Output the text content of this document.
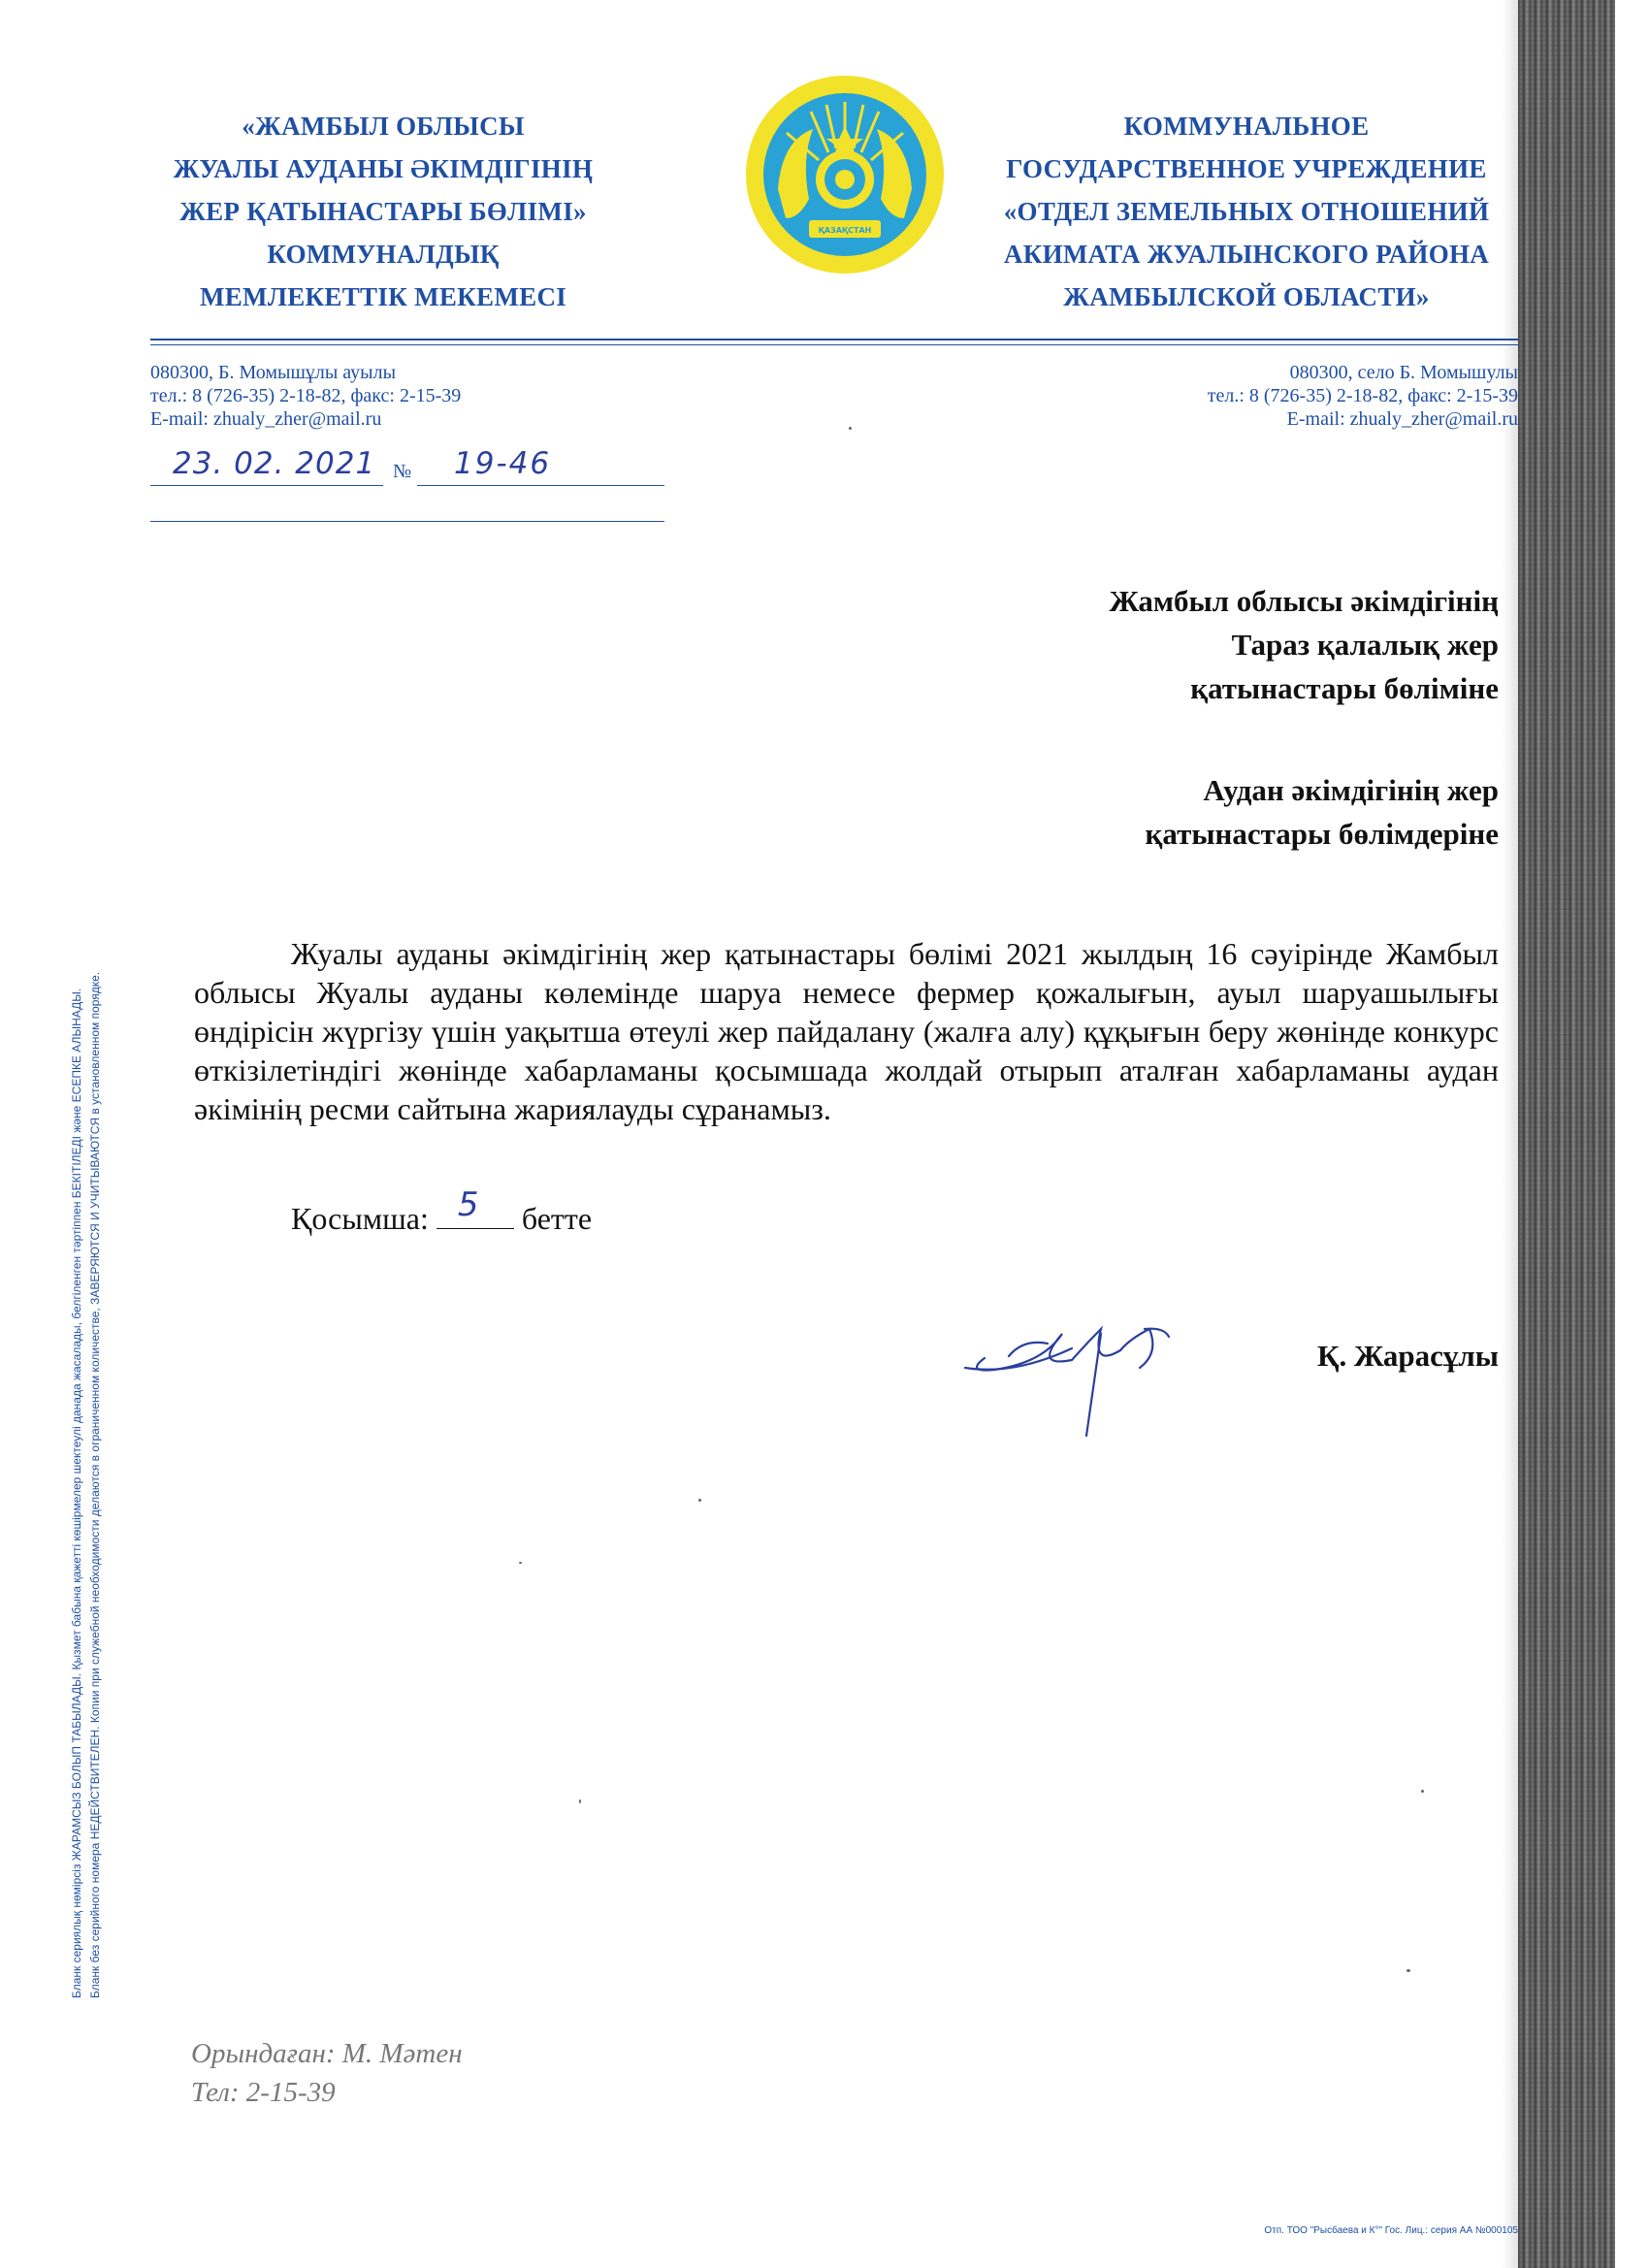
«ЖАМБЫЛ ОБЛЫСЫ
ЖУАЛЫ АУДАНЫ ӘКІМДІГІНІҢ
ЖЕР ҚАТЫНАСТАРЫ БӨЛІМІ»
КОММУНАЛДЫҚ
МЕМЛЕКЕТТІК МЕКЕМЕСІ
ҚАЗАҚСТАН
КОММУНАЛЬНОЕ
ГОСУДАРСТВЕННОЕ УЧРЕЖДЕНИЕ
«ОТДЕЛ ЗЕМЕЛЬНЫХ ОТНОШЕНИЙ
АКИМАТА ЖУАЛЫНСКОГО РАЙОНА
ЖАМБЫЛСКОЙ ОБЛАСТИ»
080300, Б. Момышұлы ауылы
тел.: 8 (726-35) 2-18-82, факс: 2-15-39
E-mail: zhualy_zher@mail.ru
080300, село Б. Момышулы
тел.: 8 (726-35) 2-18-82, факс: 2-15-39
E-mail: zhualy_zher@mail.ru
23. 02. 2021 № 19-46
Жамбыл облысы әкімдігінің
Тараз қалалық жер
қатынастары бөліміне
Аудан әкімдігінің жер
қатынастары бөлімдеріне

Жуалы ауданы әкімдігінің жер қатынастары бөлімі 2021 жылдың 16 сәуірінде Жамбыл облысы Жуалы ауданы көлемінде шаруа немесе фермер қожалығын, ауыл шаруашылығы өндірісін жүргізу үшін уақытша өтеулі жер пайдалану (жалға алу) құқығын беру жөнінде конкурс өткізілетіндігі жөнінде хабарламаны қосымшада жолдай отырып аталған хабарламаны аудан әкімінің ресми сайтына жариялауды сұранамыз.

Қосымша: 5 бетте
Қ. Жарасұлы
Бланк сериялық нөмірсіз ЖАРАМСЫЗ БОЛЫП ТАБЫЛАДЫ. Қызмет бабына қажетті көшірмелер шектеулі данада жасалады, белгіленген тәртіппен БЕКІТІЛЕДІ және ЕСЕПКЕ АЛЫНАДЫ. Бланк без серийного номера НЕДЕЙСТВИТЕЛЕН. Копии при служебной необходимости делаются в ограниченном количестве, ЗАВЕРЯЮТСЯ И УЧИТЫВАЮТСЯ в установленном порядке.
Орындаған: М. Мәтен
Тел: 2-15-39
Отп. ТОО "Рысбаева и К°" Гос. Лиц.: серия АА №000105
